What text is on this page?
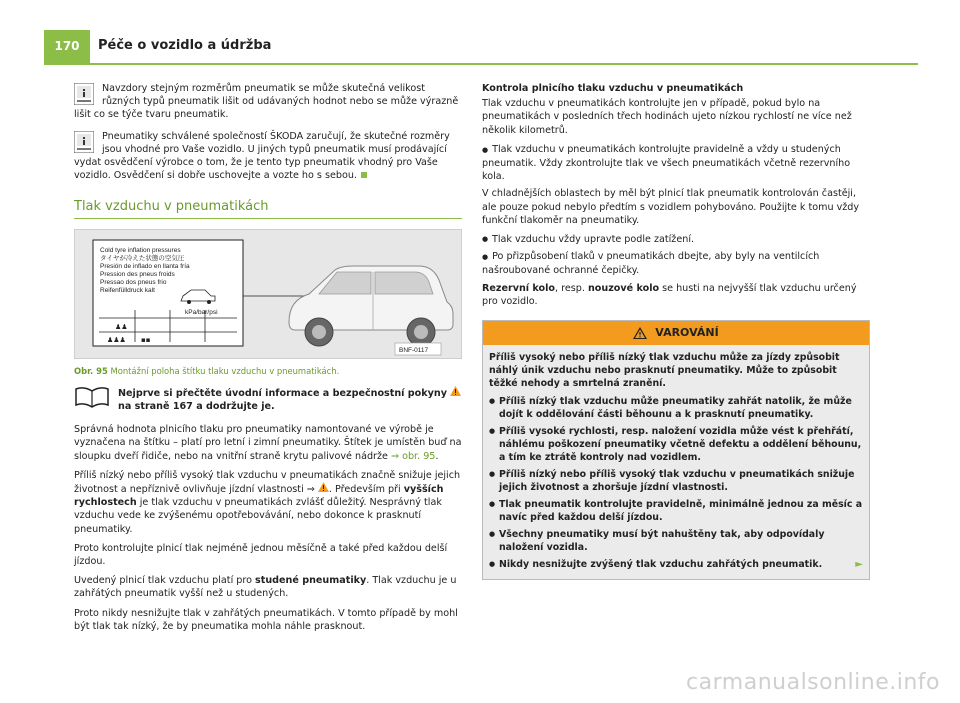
170	Péče o vozidlo a údržba
Navzdory stejným rozměrům pneumatik se může skutečná velikost různých typů pneumatik lišit od udávaných hodnot nebo se může výrazně lišit co se týče tvaru pneumatik.
Pneumatiky schválené společností ŠKODA zaručují, že skutečné rozměry jsou vhodné pro Vaše vozidlo. U jiných typů pneumatik musí prodávající vydat osvědčení výrobce o tom, že je tento typ pneumatik vhodný pro Vaše vozidlo. Osvědčení si dobře uschovejte a vozte ho s sebou.
Tlak vzduchu v pneumatikách
Cold tyre inflation pressures
タイヤが冷えた状態の空気圧
Presión de inflado en llanta fría
Pression des pneus froids
Pressao dos pneus frio
Reifenfülldruck kalt
kPa/bar/psi
♟♟
♟♟♟ ▪▪
BNF-0117
Obr. 95 Montážní poloha štítku tlaku vzduchu v pneumatikách.
Nejprve si přečtěte úvodní informace a bezpečnostní pokyny  na straně 167 a dodržujte je.

Správná hodnota plnicího tlaku pro pneumatiky namontované ve výrobě je vyznačena na štítku – platí pro letní i zimní pneumatiky. Štítek je umístěn buď na sloupku dveří řidiče, nebo na vnitřní straně krytu palivové nádrže ⇒ obr. 95.

Příliš nízký nebo příliš vysoký tlak vzduchu v pneumatikách značně snižuje jejich životnost a nepříznivě ovlivňuje jízdní vlastnosti ⇒ . Především při vyšších rychlostech je tlak vzduchu v pneumatikách zvlášť důležitý. Nesprávný tlak vzduchu vede ke zvýšenému opotřebovávání, nebo dokonce k prasknutí pneumatiky.

Proto kontrolujte plnicí tlak nejméně jednou měsíčně a také před každou delší jízdou.

Uvedený plnicí tlak vzduchu platí pro studené pneumatiky. Tlak vzduchu je u zahřátých pneumatik vyšší než u studených.

Proto nikdy nesnižujte tlak v zahřátých pneumatikách. V tomto případě by mohl být tlak tak nízký, že by pneumatika mohla náhle prasknout.

Kontrola plnicího tlaku vzduchu v pneumatikách

Tlak vzduchu v pneumatikách kontrolujte jen v případě, pokud bylo na pneumatikách v posledních třech hodinách ujeto nízkou rychlostí ne více než několik kilometrů.

● Tlak vzduchu v pneumatikách kontrolujte pravidelně a vždy u studených pneumatik. Vždy zkontrolujte tlak ve všech pneumatikách včetně rezervního kola.

V chladnějších oblastech by měl být plnicí tlak pneumatik kontrolován častěji, ale pouze pokud nebylo předtím s vozidlem pohybováno. Použijte k tomu vždy funkční tlakoměr na pneumatiky.

● Tlak vzduchu vždy upravte podle zatížení.
● Po přizpůsobení tlaků v pneumatikách dbejte, aby byly na ventilcích našroubované ochranné čepičky.

Rezervní kolo, resp. nouzové kolo se husti na nejvyšší tlak vzduchu určený pro vozidlo.

VAROVÁNÍ

Příliš vysoký nebo příliš nízký tlak vzduchu může za jízdy způsobit náhlý únik vzduchu nebo prasknutí pneumatiky. Může to způsobit těžké nehody a smrtelná zranění.

● Příliš nízký tlak vzduchu může pneumatiky zahřát natolik, že může dojít k oddělování části běhounu a k prasknutí pneumatiky.
● Příliš vysoké rychlosti, resp. naložení vozidla může vést k přehřátí, náhlému poškození pneumatiky včetně defektu a oddělení běhounu, a tím ke ztrátě kontroly nad vozidlem.
● Příliš nízký nebo příliš vysoký tlak vzduchu v pneumatikách snižuje jejich životnost a zhoršuje jízdní vlastnosti.
● Tlak pneumatik kontrolujte pravidelně, minimálně jednou za měsíc a navíc před každou delší jízdou.
● Všechny pneumatiky musí být nahuštěny tak, aby odpovídaly naložení vozidla.
● Nikdy nesnižujte zvýšený tlak vzduchu zahřátých pneumatik.	►
carmanualsonline.info
